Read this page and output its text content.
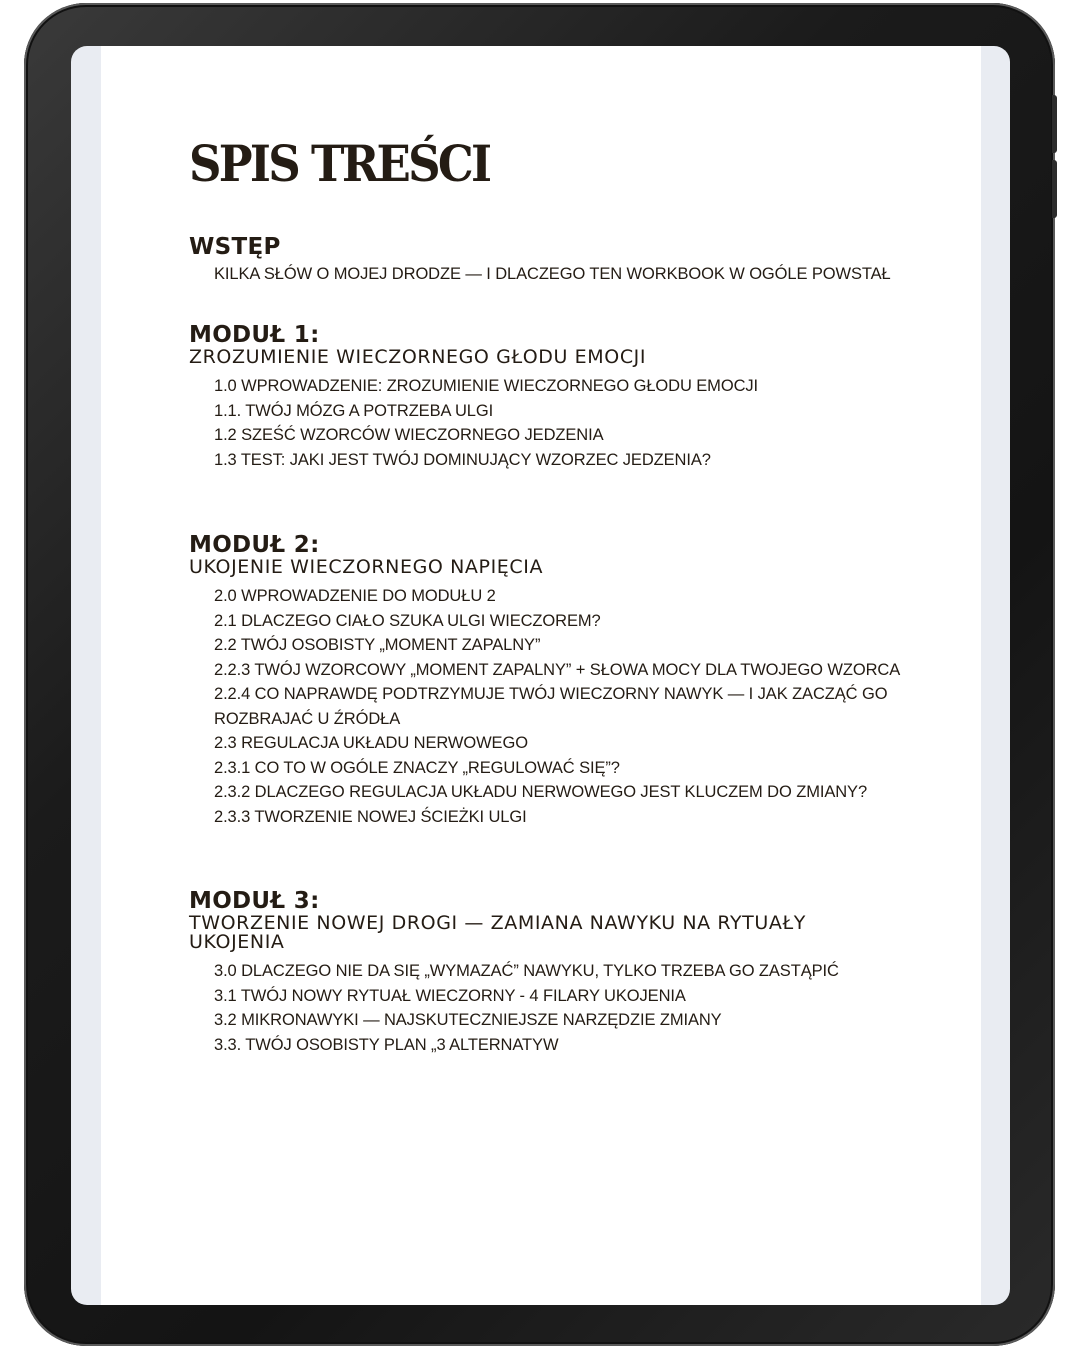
SPIS TREŚCI
WSTĘP
KILKA SŁÓW O MOJEJ DRODZE — I DLACZEGO TEN WORKBOOK W OGÓLE POWSTAŁ
MODUŁ 1:

ZROZUMIENIE WIECZORNEGO GŁODU EMOCJI

1.0 WPROWADZENIE: ZROZUMIENIE WIECZORNEGO GŁODU EMOCJI
1.1. TWÓJ MÓZG A POTRZEBA ULGI
1.2 SZEŚĆ WZORCÓW WIECZORNEGO JEDZENIA
1.3 TEST: JAKI JEST TWÓJ DOMINUJĄCY WZORZEC JEDZENIA?
MODUŁ 2:

UKOJENIE WIECZORNEGO NAPIĘCIA

2.0 WPROWADZENIE DO MODUŁU 2
2.1 DLACZEGO CIAŁO SZUKA ULGI WIECZOREM?
2.2 TWÓJ OSOBISTY „MOMENT ZAPALNY”
2.2.3 TWÓJ WZORCOWY „MOMENT ZAPALNY” + SŁOWA MOCY DLA TWOJEGO WZORCA
2.2.4 CO NAPRAWDĘ PODTRZYMUJE TWÓJ WIECZORNY NAWYK — I JAK ZACZĄĆ GO ROZBRAJAĆ U ŹRÓDŁA
2.3 REGULACJA UKŁADU NERWOWEGO
2.3.1 CO TO W OGÓLE ZNACZY „REGULOWAĆ SIĘ”?
2.3.2 DLACZEGO REGULACJA UKŁADU NERWOWEGO JEST KLUCZEM DO ZMIANY?
2.3.3 TWORZENIE NOWEJ ŚCIEŻKI ULGI
MODUŁ 3:

TWORZENIE NOWEJ DROGI — ZAMIANA NAWYKU NA RYTUAŁY UKOJENIA

3.0 DLACZEGO NIE DA SIĘ „WYMAZAĆ” NAWYKU, TYLKO TRZEBA GO ZASTĄPIĆ
3.1 TWÓJ NOWY RYTUAŁ WIECZORNY - 4 FILARY UKOJENIA
3.2 MIKRONAWYKI — NAJSKUTECZNIEJSZE NARZĘDZIE ZMIANY
3.3. TWÓJ OSOBISTY PLAN „3 ALTERNATYW
